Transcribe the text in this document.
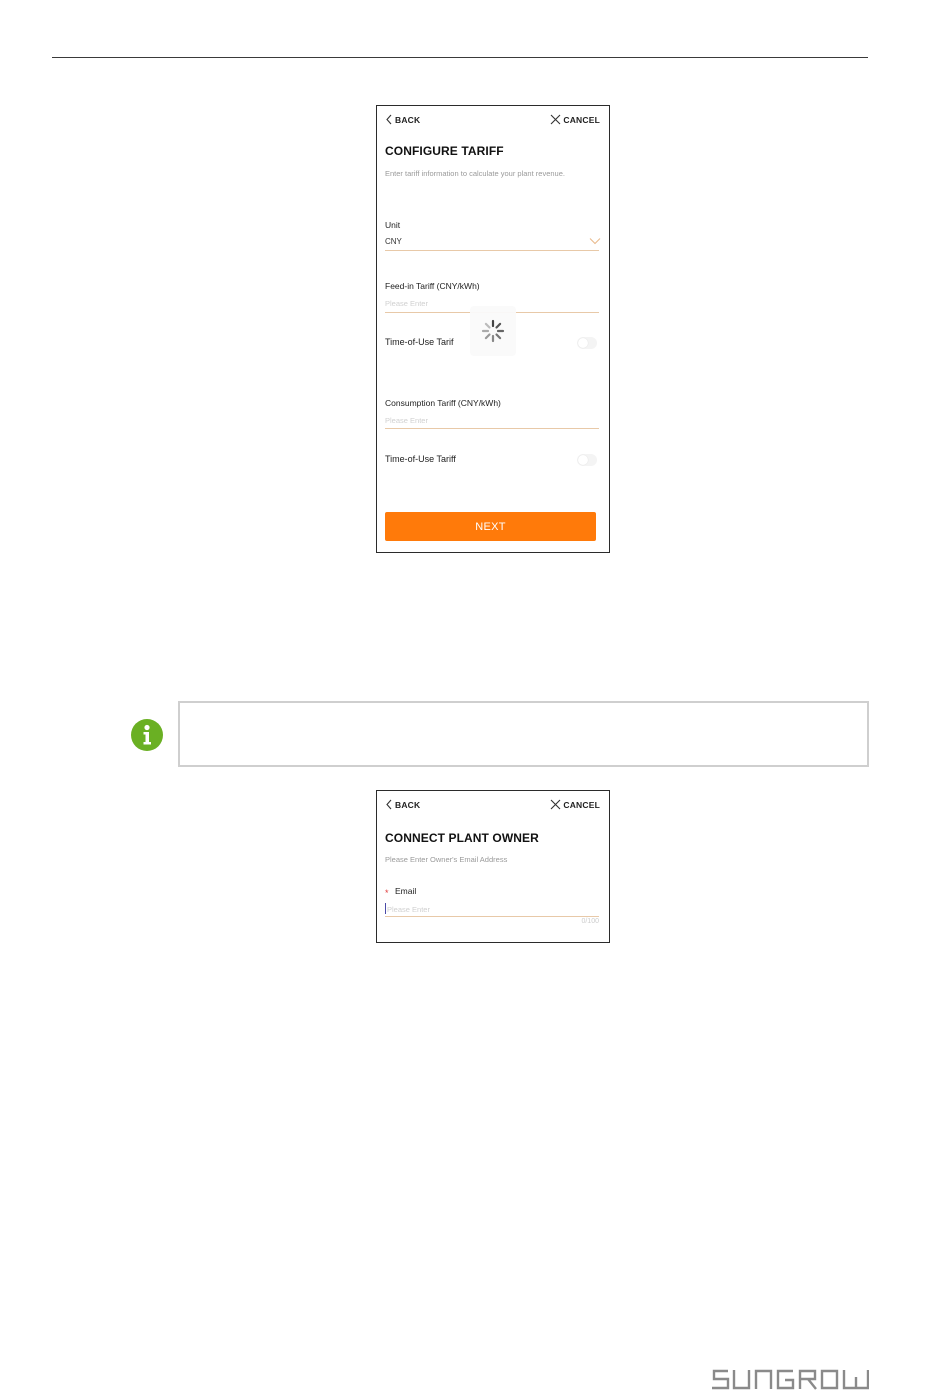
BACK	CANCEL
CONFIGURE TARIFF
Enter tariff information to calculate your plant revenue.
Unit
CNY
Feed-in Tariff (CNY/kWh)
Please Enter
Time-of-Use Tarif
Consumption Tariff (CNY/kWh)
Please Enter
Time-of-Use Tariff
NEXT
BACK	CANCEL
CONNECT PLANT OWNER
Please Enter Owner's Email Address
* Email
Please Enter
0/100
